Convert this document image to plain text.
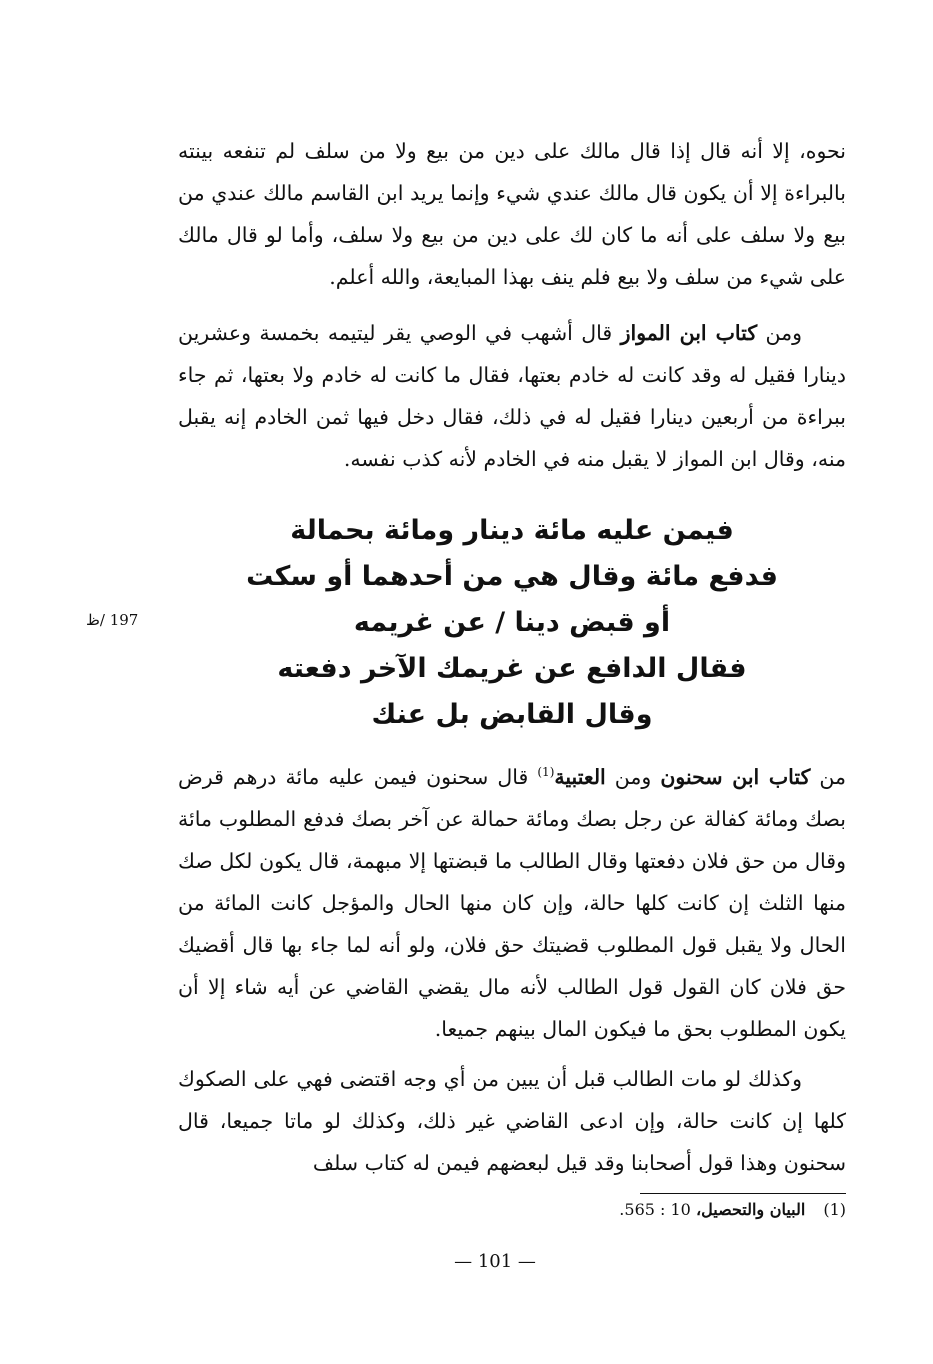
نحوه، إلا أنه قال إذا قال مالك على دين من بيع ولا من سلف لم تنفعه بينته بالبراءة إلا أن يكون قال مالك عندي شيء وإنما يريد ابن القاسم مالك عندي من بيع ولا سلف على أنه ما كان لك على دين من بيع ولا سلف، وأما لو قال مالك على شيء من سلف ولا بيع فلم ينف بهذا المبايعة، والله أعلم.

ومن كتاب ابن المواز قال أشهب في الوصي يقر ليتيمه بخمسة وعشرين دينارا فقيل له وقد كانت له خادم بعتها، فقال ما كانت له خادم ولا بعتها، ثم جاء ببراءة من أربعين دينارا فقيل له في ذلك، فقال دخل فيها ثمن الخادم إنه يقبل منه، وقال ابن المواز لا يقبل منه في الخادم لأنه كذب نفسه.

فيمن عليه مائة دينار ومائة بحمالة
فدفع مائة وقال هي من أحدهما أو سكت
أو قبض دينا / عن غريمه
فقال الدافع عن غريمك الآخر دفعته
وقال القابض بل عنك
197 /ظ

من كتاب ابن سحنون ومن العتبية$^{(1)}$ قال سحنون فيمن عليه مائة درهم قرض بصك ومائة كفالة عن رجل بصك ومائة حمالة عن آخر بصك فدفع المطلوب مائة وقال من حق فلان دفعتها وقال الطالب ما قبضتها إلا مبهمة، قال يكون لكل صك منها الثلث إن كانت كلها حالة، وإن كان منها الحال والمؤجل كانت المائة من الحال ولا يقبل قول المطلوب قضيتك حق فلان، ولو أنه لما جاء بها قال أقضيك حق فلان كان القول قول الطالب لأنه مال يقضي القاضي عن أيه شاء إلا أن يكون المطلوب بحق ما فيكون المال بينهم جميعا.

وكذلك لو مات الطالب قبل أن يبين من أي وجه اقتضى فهي على الصكوك كلها إن كانت حالة، وإن ادعى القاضي غير ذلك، وكذلك لو ماتا جميعا، قال سحنون وهذا قول أصحابنا وقد قيل لبعضهم فيمن له كتاب سلف

(1)البيان والتحصيل، 10 : 565.
— 101 —
